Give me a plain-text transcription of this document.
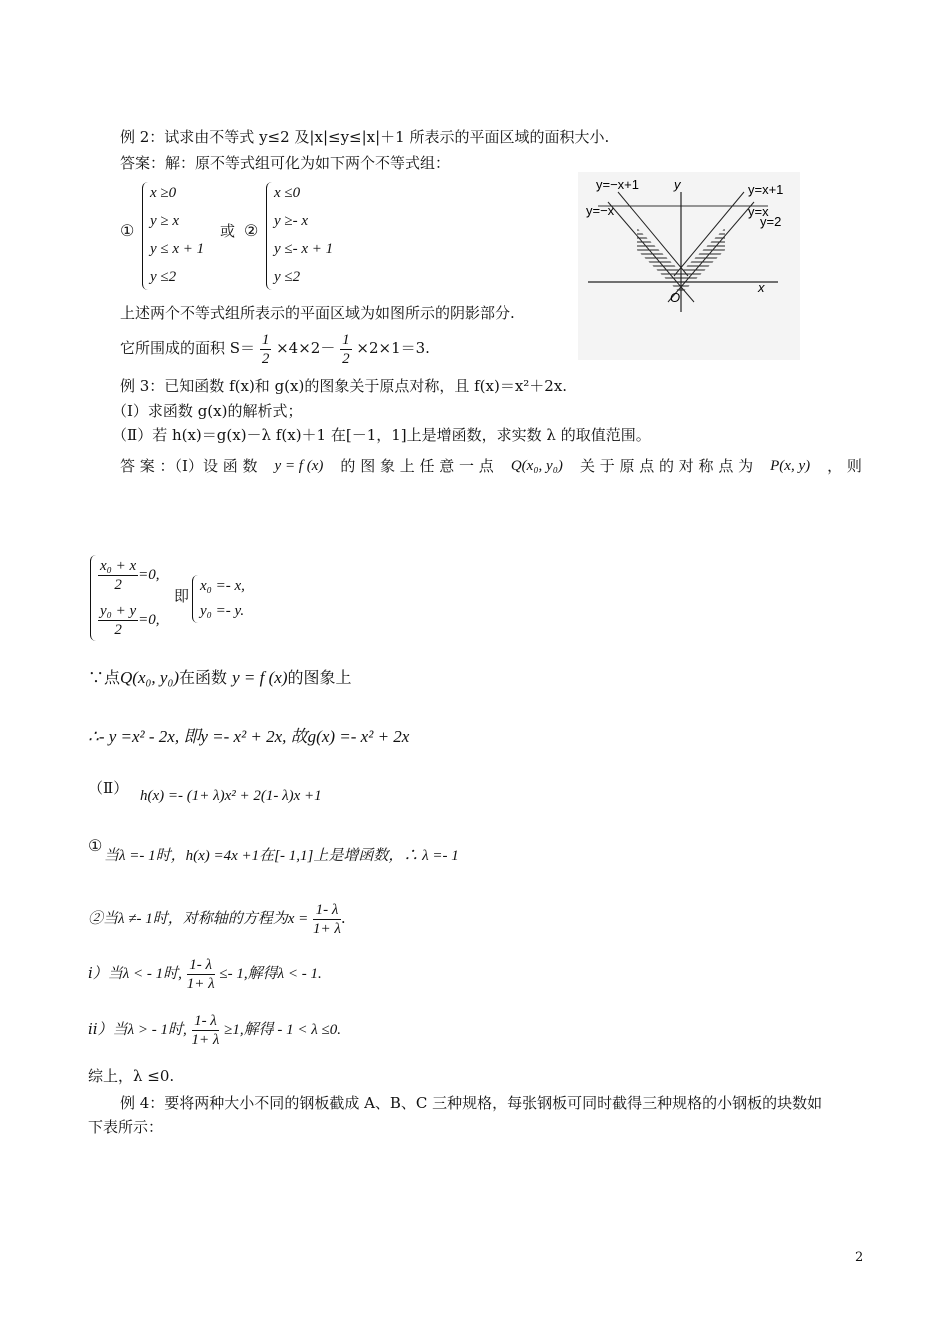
例 2：试求由不等式 y≤2 及|x|≤y≤|x|＋1 所表示的平面区域的面积大小.
答案：解：原不等式组可化为如下两个不等式组：
①
x ≥0
y ≥ x
y ≤ x + 1
y ≤2
或 ②
x ≤0
y ≥- x
y ≤- x + 1
y ≤2
上述两个不等式组所表示的平面区域为如图所示的阴影部分.
它所围成的面积 $S= \frac{1}{2} \times 4\times 2- \frac{1}{2} \times 2\times 1=3$.
y=−x+1	y	y=x+1
y=−x	y=x
y=2
O
x
例 3：已知函数 f(x)和 g(x)的图象关于原点对称，且 f(x)＝x²＋2x.
（Ⅰ）求函数 g(x)的解析式；
（Ⅱ）若 h(x)＝g(x)－λ f(x)＋1 在[－1，1]上是增函数，求实数 λ 的取值范围。
答 案 ：（Ⅰ）设 函 数 y = f (x) 的 图 象 上 任 意 一 点 Q(x₀, y₀) 关 于 原 点 的 对 称 点 为 P(x, y) ， 则
$\frac{\text{x₀ + x}}{2} =0$,
$\frac{\text{y₀ + y}}{2} =0$,
即
x₀ =- x,
y₀ =- y.
∵点Q(x₀, y₀)在函数 y = f (x)的图象上
∴- y =x² - 2x, 即y =- x² + 2x, 故g(x) =- x² + 2x
（Ⅱ） h(x) =- (1+ λ)x² + 2(1- λ)x +1
①
当λ =- 1时，h(x) =4x +1在[- 1,1]上是增函数，∴ λ =- 1
②当λ ≠- 1时，对称轴的方程为$x = \frac{1- \lambda}{1+ \lambda}$ .
ⅰ）当λ < - 1时, $\frac{1- \lambda}{1+ \lambda} \le- 1$,解得λ < - 1.
ⅱ）当λ > - 1时, $\frac{1- \lambda}{1+ \lambda} \ge 1$,解得 - 1 < λ ≤0.
综上，λ ≤0.
例 4：要将两种大小不同的钢板截成 A、B、C 三种规格，每张钢板可同时截得三种规格的小钢板的块数如
下表所示：
2
